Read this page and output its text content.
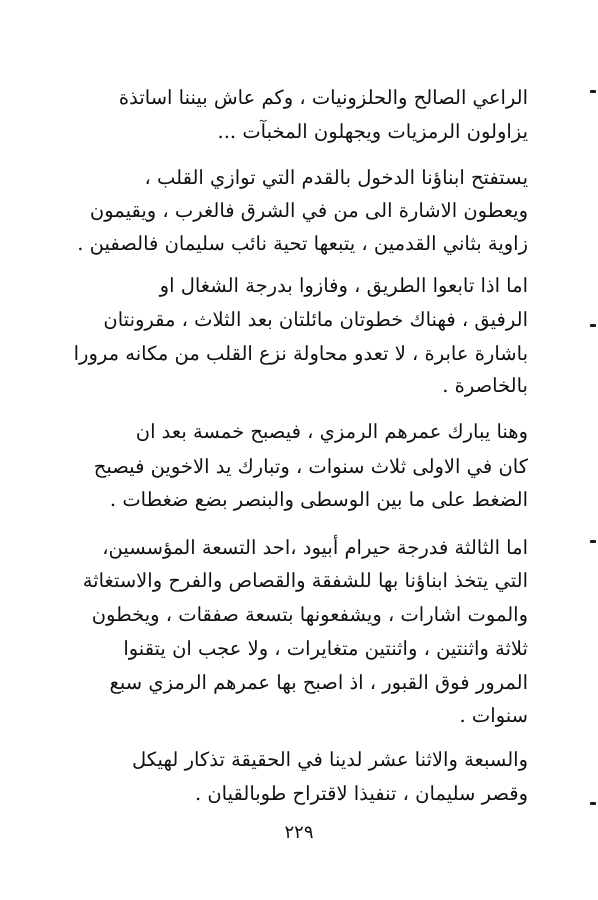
الراعي الصالح والحلزونيات ، وكم عاش بيننا اساتذة
يزاولون الرمزيات ويجهلون المخبآت ...
يستفتح ابناؤنا الدخول بالقدم التي توازي القلب ،
ويعطون الاشارة الى من في الشرق فالغرب ، ويقيمون
زاوية بثاني القدمين ، يتبعها تحية نائب سليمان فالصفين .
اما اذا تابعوا الطريق ، وفازوا بدرجة الشغال او
الرفيق ، فهناك خطوتان مائلتان بعد الثلاث ، مقرونتان
باشارة عابرة ، لا تعدو محاولة نزع القلب من مكانه مرورا
بالخاصرة .
وهنا يبارك عمرهم الرمزي ، فيصبح خمسة بعد ان
كان في الاولى ثلاث سنوات ، وتبارك يد الاخوين فيصبح
الضغط على ما بين الوسطى والبنصر بضع ضغطات .
اما الثالثة فدرجة حيرام أبيود ،احد التسعة المؤسسين،
التي يتخذ ابناؤنا بها للشفقة والقصاص والفرح والاستغاثة
والموت اشارات ، ويشفعونها بتسعة صفقات ، ويخطون
ثلاثة واثنتين ، واثنتين متغايرات ، ولا عجب ان يتقنوا
المرور فوق القبور ، اذ اصبح بها عمرهم الرمزي سبع
سنوات .
والسبعة والاثنا عشر لدينا في الحقيقة تذكار لهيكل
وقصر سليمان ، تنفيذا لاقتراح طوبالقيان .
٢٢٩
